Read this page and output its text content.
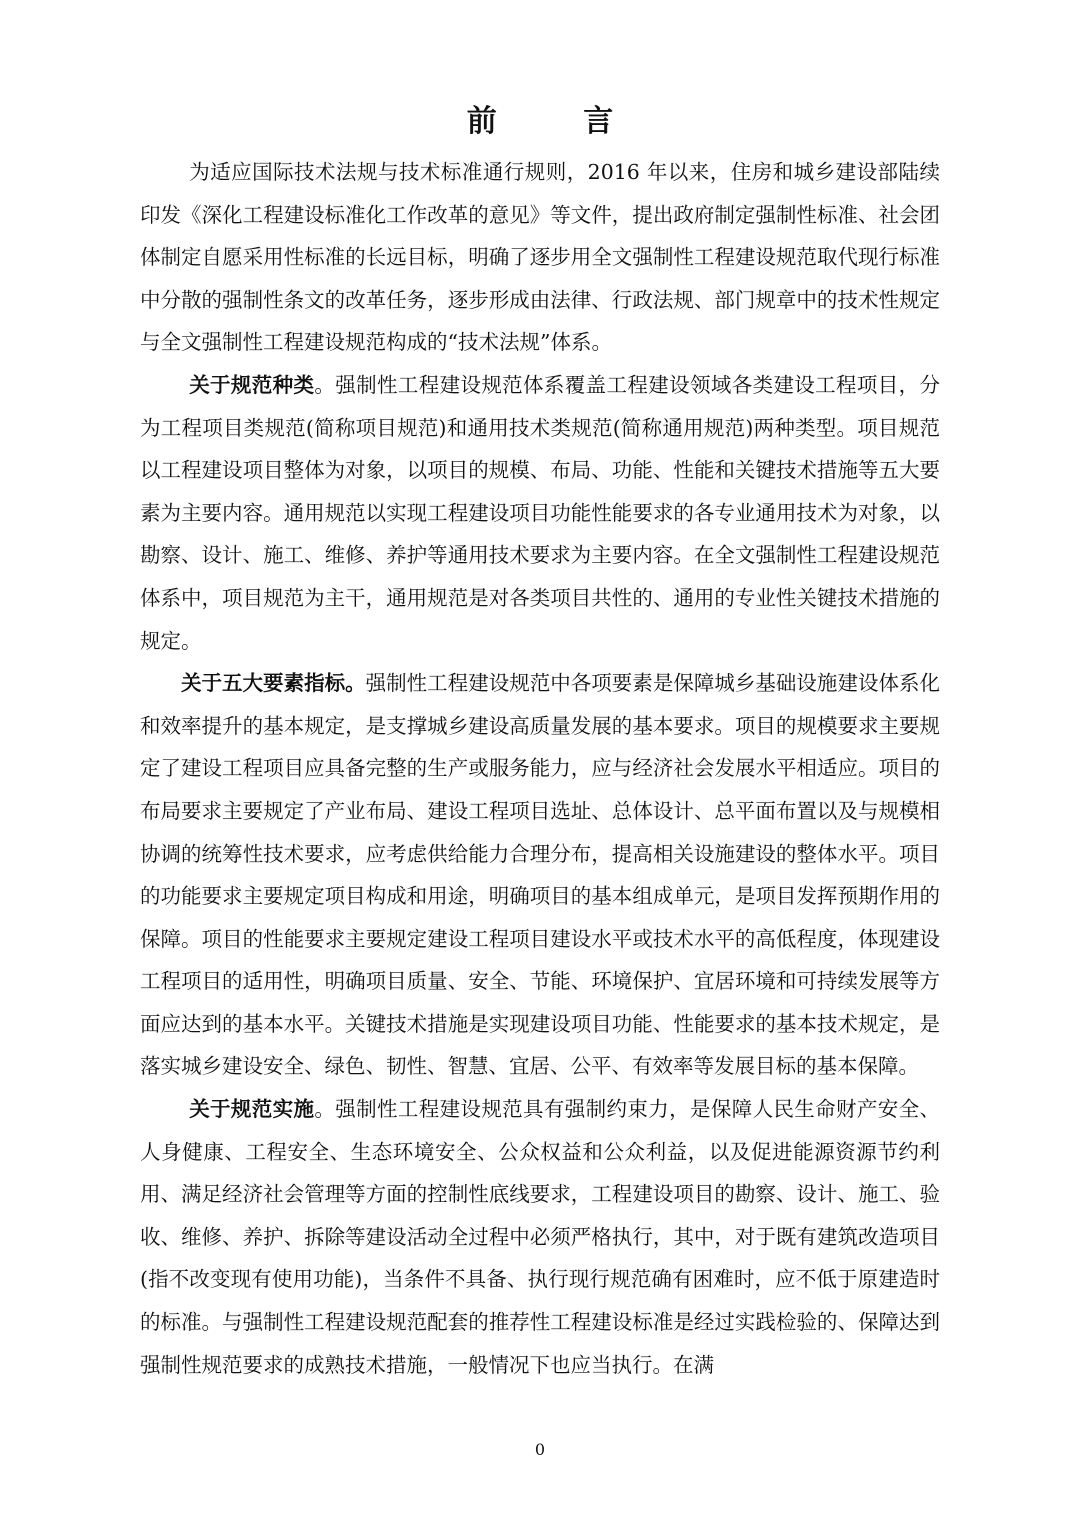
前 言

为适应国际技术法规与技术标准通行规则，2016 年以来，住房和城乡建设部陆续印发《深化工程建设标准化工作改革的意见》等文件，提出政府制定强制性标准、社会团体制定自愿采用性标准的长远目标，明确了逐步用全文强制性工程建设规范取代现行标准中分散的强制性条文的改革任务，逐步形成由法律、行政法规、部门规章中的技术性规定与全文强制性工程建设规范构成的“技术法规”体系。

关于规范种类。强制性工程建设规范体系覆盖工程建设领域各类建设工程项目，分为工程项目类规范(简称项目规范)和通用技术类规范(简称通用规范)两种类型。项目规范以工程建设项目整体为对象，以项目的规模、布局、功能、性能和关键技术措施等五大要素为主要内容。通用规范以实现工程建设项目功能性能要求的各专业通用技术为对象，以勘察、设计、施工、维修、养护等通用技术要求为主要内容。在全文强制性工程建设规范体系中，项目规范为主干，通用规范是对各类项目共性的、通用的专业性关键技术措施的规定。

关于五大要素指标。强制性工程建设规范中各项要素是保障城乡基础设施建设体系化和效率提升的基本规定，是支撑城乡建设高质量发展的基本要求。项目的规模要求主要规定了建设工程项目应具备完整的生产或服务能力，应与经济社会发展水平相适应。项目的布局要求主要规定了产业布局、建设工程项目选址、总体设计、总平面布置以及与规模相协调的统筹性技术要求，应考虑供给能力合理分布，提高相关设施建设的整体水平。项目的功能要求主要规定项目构成和用途，明确项目的基本组成单元，是项目发挥预期作用的保障。项目的性能要求主要规定建设工程项目建设水平或技术水平的高低程度，体现建设工程项目的适用性，明确项目质量、安全、节能、环境保护、宜居环境和可持续发展等方面应达到的基本水平。关键技术措施是实现建设项目功能、性能要求的基本技术规定，是落实城乡建设安全、绿色、韧性、智慧、宜居、公平、有效率等发展目标的基本保障。

关于规范实施。强制性工程建设规范具有强制约束力，是保障人民生命财产安全、人身健康、工程安全、生态环境安全、公众权益和公众利益，以及促进能源资源节约利用、满足经济社会管理等方面的控制性底线要求，工程建设项目的勘察、设计、施工、验收、维修、养护、拆除等建设活动全过程中必须严格执行，其中，对于既有建筑改造项目(指不改变现有使用功能)，当条件不具备、执行现行规范确有困难时，应不低于原建造时的标准。与强制性工程建设规范配套的推荐性工程建设标准是经过实践检验的、保障达到强制性规范要求的成熟技术措施，一般情况下也应当执行。在满

0
